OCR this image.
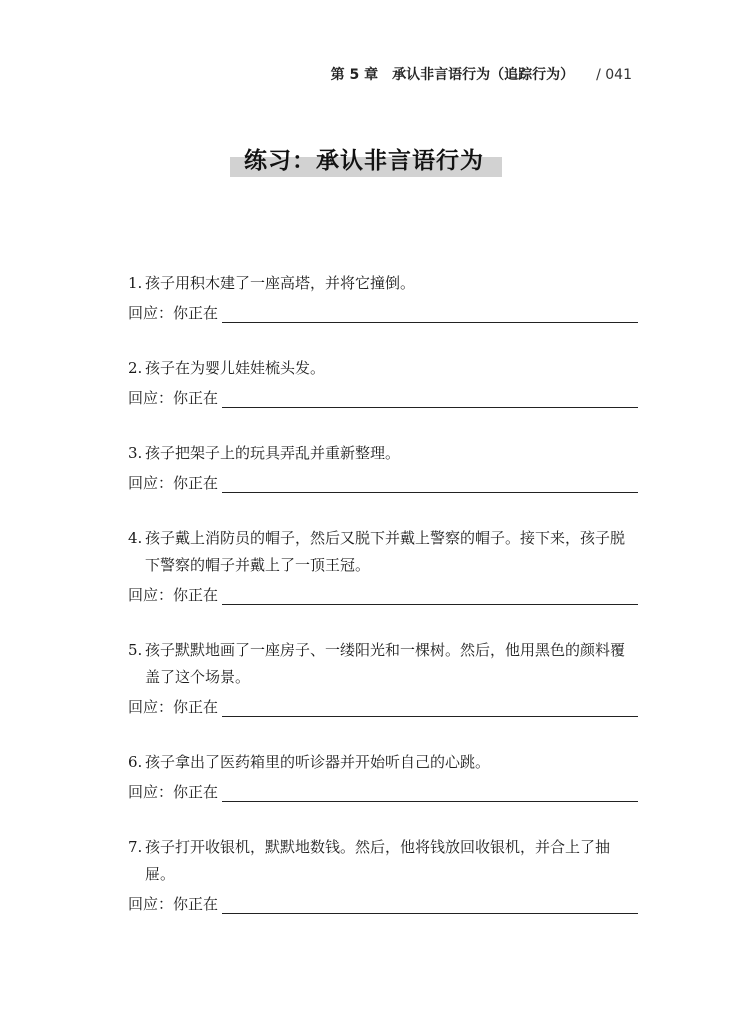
第 5 章　承认非言语行为（追踪行为） / 041
练习：承认非言语行为
1. 孩子用积木建了一座高塔，并将它撞倒。
回应：你正在
2. 孩子在为婴儿娃娃梳头发。
回应：你正在
3. 孩子把架子上的玩具弄乱并重新整理。
回应：你正在
4. 孩子戴上消防员的帽子，然后又脱下并戴上警察的帽子。接下来，孩子脱下警察的帽子并戴上了一顶王冠。
回应：你正在
5. 孩子默默地画了一座房子、一缕阳光和一棵树。然后，他用黑色的颜料覆盖了这个场景。
回应：你正在
6. 孩子拿出了医药箱里的听诊器并开始听自己的心跳。
回应：你正在
7. 孩子打开收银机，默默地数钱。然后，他将钱放回收银机，并合上了抽屉。
回应：你正在
